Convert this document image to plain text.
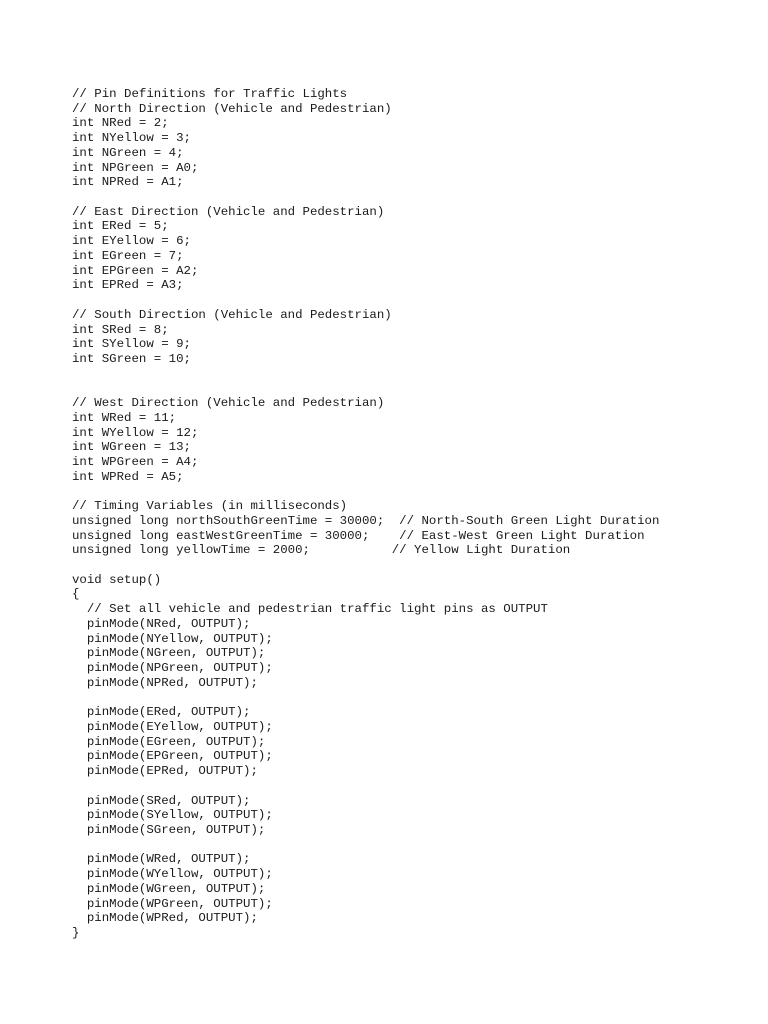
// Pin Definitions for Traffic Lights
// North Direction (Vehicle and Pedestrian)
int NRed = 2;
int NYellow = 3;
int NGreen = 4;
int NPGreen = A0;
int NPRed = A1;
// East Direction (Vehicle and Pedestrian)
int ERed = 5;
int EYellow = 6;
int EGreen = 7;
int EPGreen = A2;
int EPRed = A3;
// South Direction (Vehicle and Pedestrian)
int SRed = 8;
int SYellow = 9;
int SGreen = 10;
// West Direction (Vehicle and Pedestrian)
int WRed = 11;
int WYellow = 12;
int WGreen = 13;
int WPGreen = A4;
int WPRed = A5;
// Timing Variables (in milliseconds)
unsigned long northSouthGreenTime = 30000;  // North-South Green Light Duration
unsigned long eastWestGreenTime = 30000;    // East-West Green Light Duration
unsigned long yellowTime = 2000;           // Yellow Light Duration
void setup()
{
// Set all vehicle and pedestrian traffic light pins as OUTPUT
pinMode(NRed, OUTPUT);
pinMode(NYellow, OUTPUT);
pinMode(NGreen, OUTPUT);
pinMode(NPGreen, OUTPUT);
pinMode(NPRed, OUTPUT);
pinMode(ERed, OUTPUT);
pinMode(EYellow, OUTPUT);
pinMode(EGreen, OUTPUT);
pinMode(EPGreen, OUTPUT);
pinMode(EPRed, OUTPUT);
pinMode(SRed, OUTPUT);
pinMode(SYellow, OUTPUT);
pinMode(SGreen, OUTPUT);
pinMode(WRed, OUTPUT);
pinMode(WYellow, OUTPUT);
pinMode(WGreen, OUTPUT);
pinMode(WPGreen, OUTPUT);
pinMode(WPRed, OUTPUT);
}
